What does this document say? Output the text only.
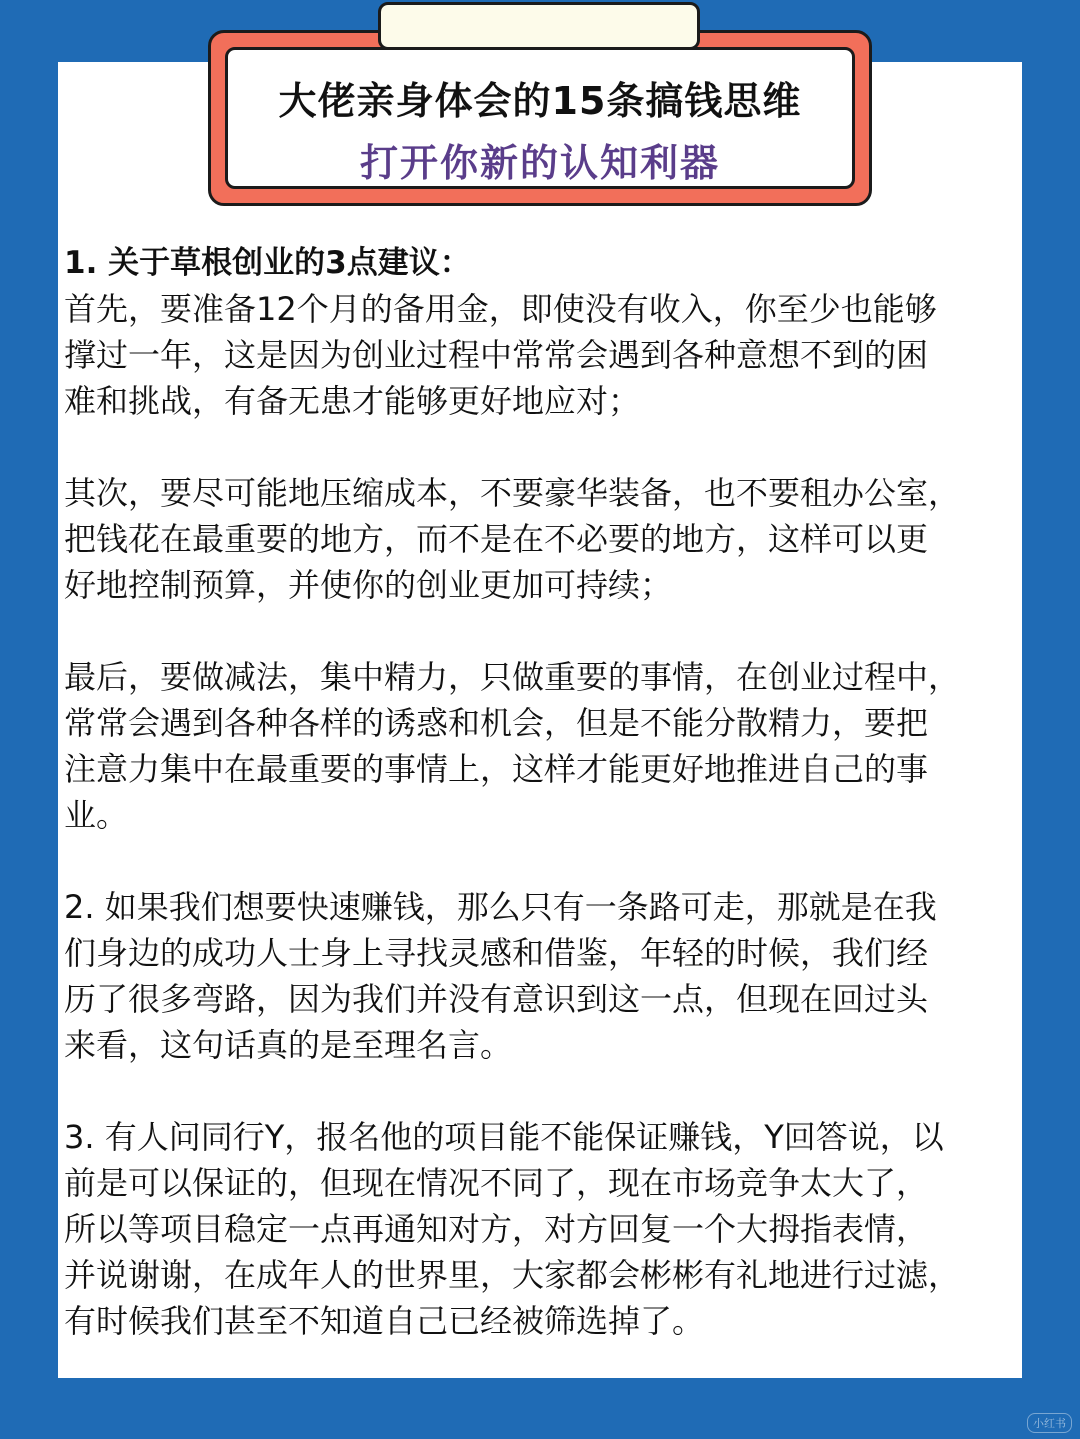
大佬亲身体会的15条搞钱思维
打开你新的认知利器

1. 关于草根创业的3点建议：

首先，要准备12个月的备用金，即使没有收入，你至少也能够
撑过一年，这是因为创业过程中常常会遇到各种意想不到的困
难和挑战，有备无患才能够更好地应对；

其次，要尽可能地压缩成本，不要豪华装备，也不要租办公室，
把钱花在最重要的地方，而不是在不必要的地方，这样可以更
好地控制预算，并使你的创业更加可持续；

最后，要做减法，集中精力，只做重要的事情，在创业过程中，
常常会遇到各种各样的诱惑和机会，但是不能分散精力，要把
注意力集中在最重要的事情上，这样才能更好地推进自己的事
业。

2. 如果我们想要快速赚钱，那么只有一条路可走，那就是在我
们身边的成功人士身上寻找灵感和借鉴，年轻的时候，我们经
历了很多弯路，因为我们并没有意识到这一点，但现在回过头
来看，这句话真的是至理名言。

3. 有人问同行Y，报名他的项目能不能保证赚钱，Y回答说，以
前是可以保证的，但现在情况不同了，现在市场竞争太大了，
所以等项目稳定一点再通知对方，对方回复一个大拇指表情，
并说谢谢，在成年人的世界里，大家都会彬彬有礼地进行过滤，
有时候我们甚至不知道自己已经被筛选掉了。

小红书
